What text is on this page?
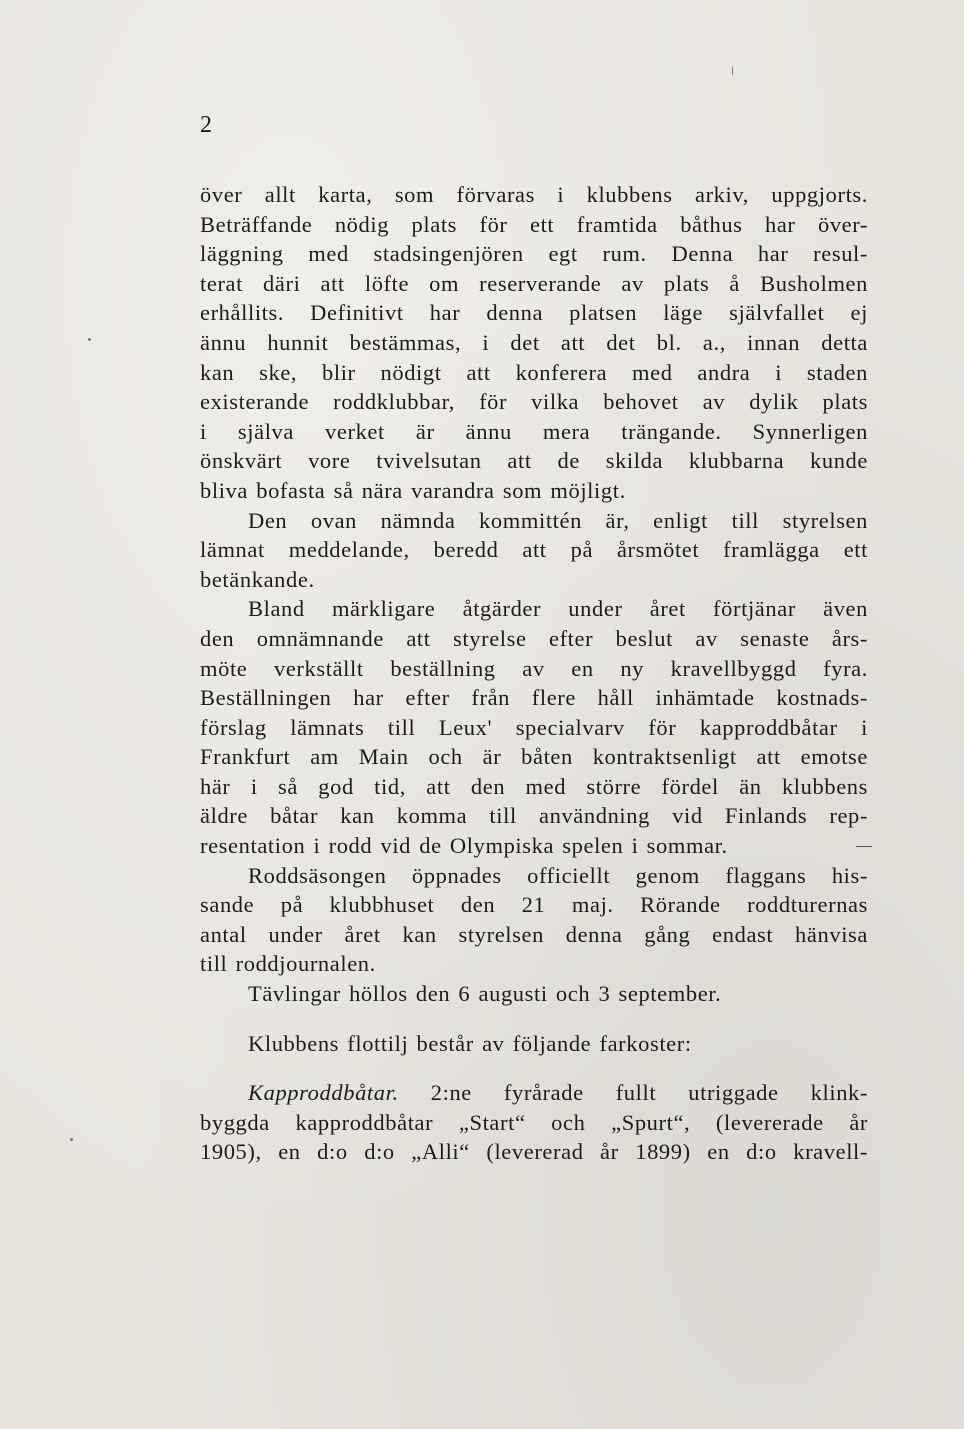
2
över allt karta, som förvaras i klubbens arkiv, uppgjorts.
Beträffande nödig plats för ett framtida båthus har över-
läggning med stadsingenjören egt rum. Denna har resul-
terat däri att löfte om reserverande av plats å Busholmen
erhållits. Definitivt har denna platsen läge självfallet ej
ännu hunnit bestämmas, i det att det bl. a., innan detta
kan ske, blir nödigt att konferera med andra i staden
existerande roddklubbar, för vilka behovet av dylik plats
i själva verket är ännu mera trängande. Synnerligen
önskvärt vore tvivelsutan att de skilda klubbarna kunde
bliva bofasta så nära varandra som möjligt.
Den ovan nämnda kommittén är, enligt till styrelsen
lämnat meddelande, beredd att på årsmötet framlägga ett
betänkande.
Bland märkligare åtgärder under året förtjänar även
den omnämnande att styrelse efter beslut av senaste års-
möte verkställt beställning av en ny kravellbyggd fyra.
Beställningen har efter från flere håll inhämtade kostnads-
förslag lämnats till Leux' specialvarv för kapproddbåtar i
Frankfurt am Main och är båten kontraktsenligt att emotse
här i så god tid, att den med större fördel än klubbens
äldre båtar kan komma till användning vid Finlands rep-
resentation i rodd vid de Olympiska spelen i sommar.
Roddsäsongen öppnades officiellt genom flaggans his-
sande på klubbhuset den 21 maj. Rörande roddturernas
antal under året kan styrelsen denna gång endast hänvisa
till roddjournalen.
Tävlingar höllos den 6 augusti och 3 september.
Klubbens flottilj består av följande farkoster:
Kapproddbåtar. 2:ne fyrårade fullt utriggade klink-
byggda kapproddbåtar „Start“ och „Spurt“, (levererade år
1905), en d:o d:o „Alli“ (levererad år 1899) en d:o kravell-
